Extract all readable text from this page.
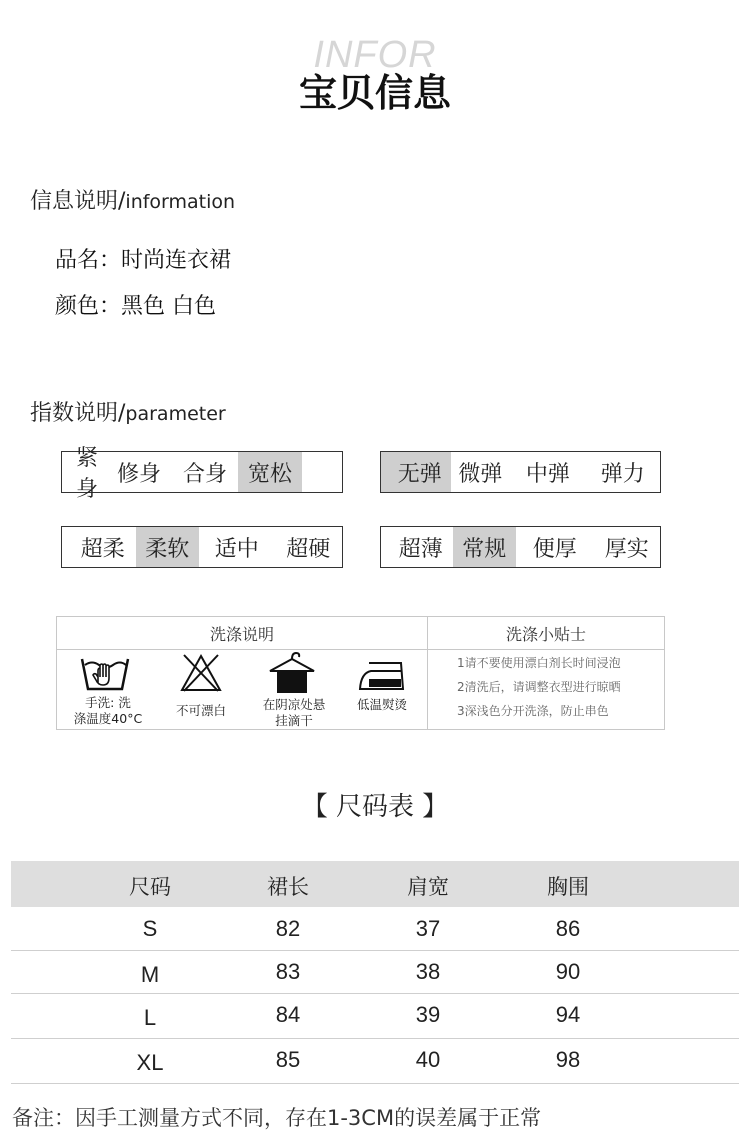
INFOR
宝贝信息
信息说明/information
品名：时尚连衣裙
颜色：黑色 白色
指数说明/parameter
紧身
修身 合身 宽松	无弹 微弹	中弹	弹力
超柔 柔软	适中	超硬	超薄 常规	便厚	厚实
洗涤说明	洗涤小贴士
手洗: 洗
涤温度40°C
不可漂白	在阴凉处悬
挂滴干
低温熨烫
1请不要使用漂白剂长时间浸泡
2清洗后，请调整衣型进行晾晒
3深浅色分开洗涤，防止串色
【 尺码表 】
尺码	裙长	肩宽	胸围
S	82	37	86
M	83	38	90
L	84	39	94
XL	85	40	98
备注：因手工测量方式不同，存在1-3CM的误差属于正常
